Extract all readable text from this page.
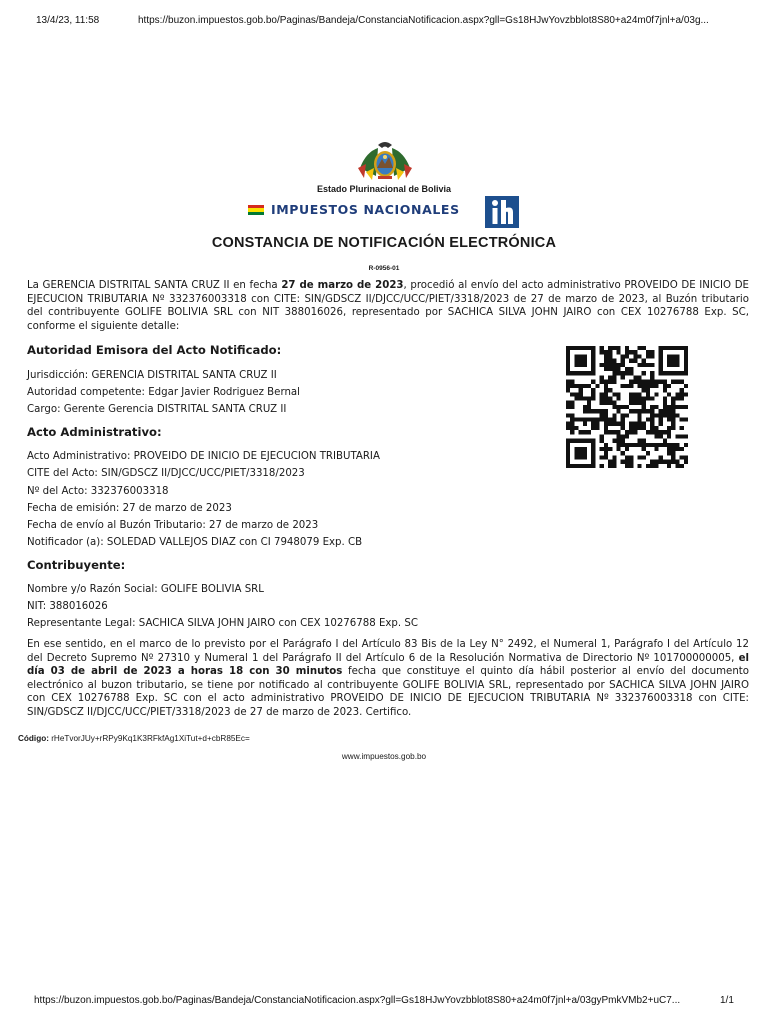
13/4/23, 11:58	https://buzon.impuestos.gob.bo/Paginas/Bandeja/ConstanciaNotificacion.aspx?gll=Gs18HJwYovzbblot8S80+a24m0f7jnl+a/03g...
Estado Plurinacional de Bolivia
IMPUESTOS NACIONALES
CONSTANCIA DE NOTIFICACIÓN ELECTRÓNICA
R-0956-01
La GERENCIA DISTRITAL SANTA CRUZ II en fecha 27 de marzo de 2023, procedió al envío del acto administrativo PROVEIDO DE INICIO DE EJECUCION TRIBUTARIA Nº 332376003318 con CITE: SIN/GDSCZ II/DJCC/UCC/PIET/3318/2023 de 27 de marzo de 2023, al Buzón tributario del contribuyente GOLIFE BOLIVIA SRL con NIT 388016026, representado por SACHICA SILVA JOHN JAIRO con CEX 10276788 Exp. SC, conforme el siguiente detalle:
Autoridad Emisora del Acto Notificado:
Jurisdicción: GERENCIA DISTRITAL SANTA CRUZ II
Autoridad competente: Edgar Javier Rodriguez Bernal
Cargo: Gerente Gerencia DISTRITAL SANTA CRUZ II
Acto Administrativo:
Acto Administrativo: PROVEIDO DE INICIO DE EJECUCION TRIBUTARIA
CITE del Acto: SIN/GDSCZ II/DJCC/UCC/PIET/3318/2023
Nº del Acto: 332376003318
Fecha de emisión: 27 de marzo de 2023
Fecha de envío al Buzón Tributario: 27 de marzo de 2023
Notificador (a): SOLEDAD VALLEJOS DIAZ con CI 7948079 Exp. CB
Contribuyente:
Nombre y/o Razón Social: GOLIFE BOLIVIA SRL
NIT: 388016026
Representante Legal: SACHICA SILVA JOHN JAIRO con CEX 10276788 Exp. SC
En ese sentido, en el marco de lo previsto por el Parágrafo I del Artículo 83 Bis de la Ley N° 2492, el Numeral 1, Parágrafo I del Artículo 12 del Decreto Supremo Nº 27310 y Numeral 1 del Parágrafo II del Artículo 6 de la Resolución Normativa de Directorio Nº 101700000005, el día 03 de abril de 2023 a horas 18 con 30 minutos fecha que constituye el quinto día hábil posterior al envío del documento electrónico al buzon tributario, se tiene por notificado al contribuyente GOLIFE BOLIVIA SRL, representado por SACHICA SILVA JOHN JAIRO con CEX 10276788 Exp. SC con el acto administrativo PROVEIDO DE INICIO DE EJECUCION TRIBUTARIA Nº 332376003318 con CITE: SIN/GDSCZ II/DJCC/UCC/PIET/3318/2023 de 27 de marzo de 2023. Certifico.
Código: rHeTvorJUy+rRPy9Kq1K3RFkfAg1XiTut+d+cbR85Ec=
www.impuestos.gob.bo
https://buzon.impuestos.gob.bo/Paginas/Bandeja/ConstanciaNotificacion.aspx?gll=Gs18HJwYovzbblot8S80+a24m0f7jnl+a/03gyPmkVMb2+uC7...	1/1
